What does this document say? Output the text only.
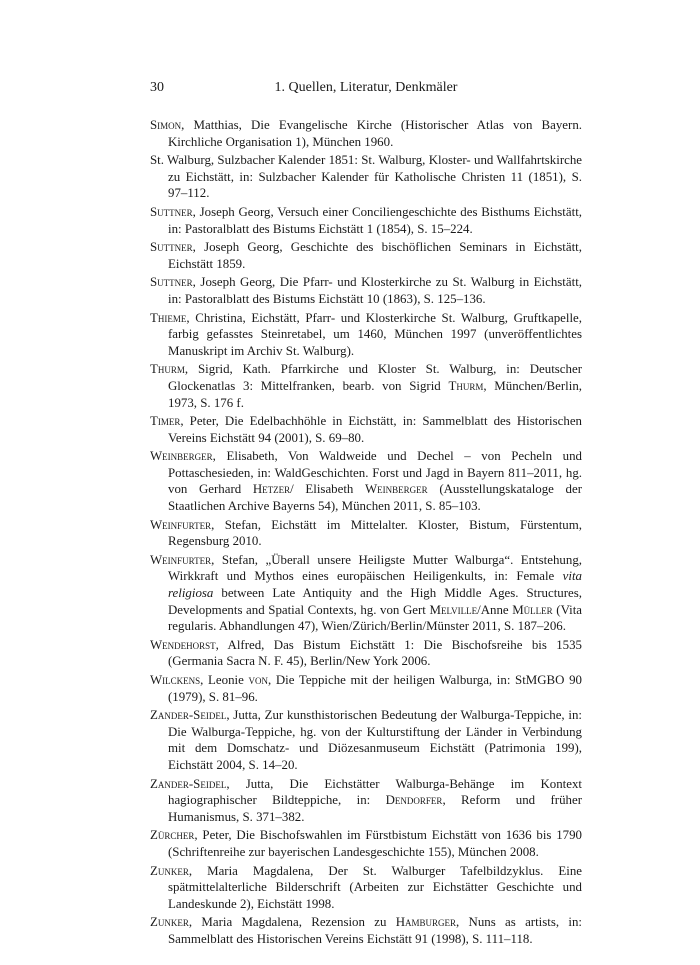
30	1. Quellen, Literatur, Denkmäler
Simon, Matthias, Die Evangelische Kirche (Historischer Atlas von Bayern. Kirchliche Organisation 1), München 1960.
St. Walburg, Sulzbacher Kalender 1851: St. Walburg, Kloster- und Wallfahrtskirche zu Eichstätt, in: Sulzbacher Kalender für Katholische Christen 11 (1851), S. 97–112.
Suttner, Joseph Georg, Versuch einer Conciliengeschichte des Bisthums Eichstätt, in: Pastoralblatt des Bistums Eichstätt 1 (1854), S. 15–224.
Suttner, Joseph Georg, Geschichte des bischöflichen Seminars in Eichstätt, Eichstätt 1859.
Suttner, Joseph Georg, Die Pfarr- und Klosterkirche zu St. Walburg in Eichstätt, in: Pastoralblatt des Bistums Eichstätt 10 (1863), S. 125–136.
Thieme, Christina, Eichstätt, Pfarr- und Klosterkirche St. Walburg, Gruftkapelle, farbig gefasstes Steinretabel, um 1460, München 1997 (unveröffentlichtes Manuskript im Archiv St. Walburg).
Thurm, Sigrid, Kath. Pfarrkirche und Kloster St. Walburg, in: Deutscher Glockenatlas 3: Mittelfranken, bearb. von Sigrid Thurm, München/Berlin, 1973, S. 176 f.
Timer, Peter, Die Edelbachhöhle in Eichstätt, in: Sammelblatt des Historischen Vereins Eichstätt 94 (2001), S. 69–80.
Weinberger, Elisabeth, Von Waldweide und Dechel – von Pecheln und Pottaschesieden, in: WaldGeschichten. Forst und Jagd in Bayern 811–2011, hg. von Gerhard Hetzer/ Elisabeth Weinberger (Ausstellungskataloge der Staatlichen Archive Bayerns 54), München 2011, S. 85–103.
Weinfurter, Stefan, Eichstätt im Mittelalter. Kloster, Bistum, Fürstentum, Regensburg 2010.
Weinfurter, Stefan, „Überall unsere Heiligste Mutter Walburga“. Entstehung, Wirkkraft und Mythos eines europäischen Heiligenkults, in: Female vita religiosa between Late Antiquity and the High Middle Ages. Structures, Developments and Spatial Contexts, hg. von Gert Melville/Anne Müller (Vita regularis. Abhandlungen 47), Wien/Zürich/Berlin/Münster 2011, S. 187–206.
Wendehorst, Alfred, Das Bistum Eichstätt 1: Die Bischofsreihe bis 1535 (Germania Sacra N. F. 45), Berlin/New York 2006.
Wilckens, Leonie von, Die Teppiche mit der heiligen Walburga, in: StMGBO 90 (1979), S. 81–96.
Zander-Seidel, Jutta, Zur kunsthistorischen Bedeutung der Walburga-Teppiche, in: Die Walburga-Teppiche, hg. von der Kulturstiftung der Länder in Verbindung mit dem Domschatz- und Diözesanmuseum Eichstätt (Patrimonia 199), Eichstätt 2004, S. 14–20.
Zander-Seidel, Jutta, Die Eichstätter Walburga-Behänge im Kontext hagiographischer Bildteppiche, in: Dendorfer, Reform und früher Humanismus, S. 371–382.
Zürcher, Peter, Die Bischofswahlen im Fürstbistum Eichstätt von 1636 bis 1790 (Schriftenreihe zur bayerischen Landesgeschichte 155), München 2008.
Zunker, Maria Magdalena, Der St. Walburger Tafelbildzyklus. Eine spätmittelalterliche Bilderschrift (Arbeiten zur Eichstätter Geschichte und Landeskunde 2), Eichstätt 1998.
Zunker, Maria Magdalena, Rezension zu Hamburger, Nuns as artists, in: Sammelblatt des Historischen Vereins Eichstätt 91 (1998), S. 111–118.
